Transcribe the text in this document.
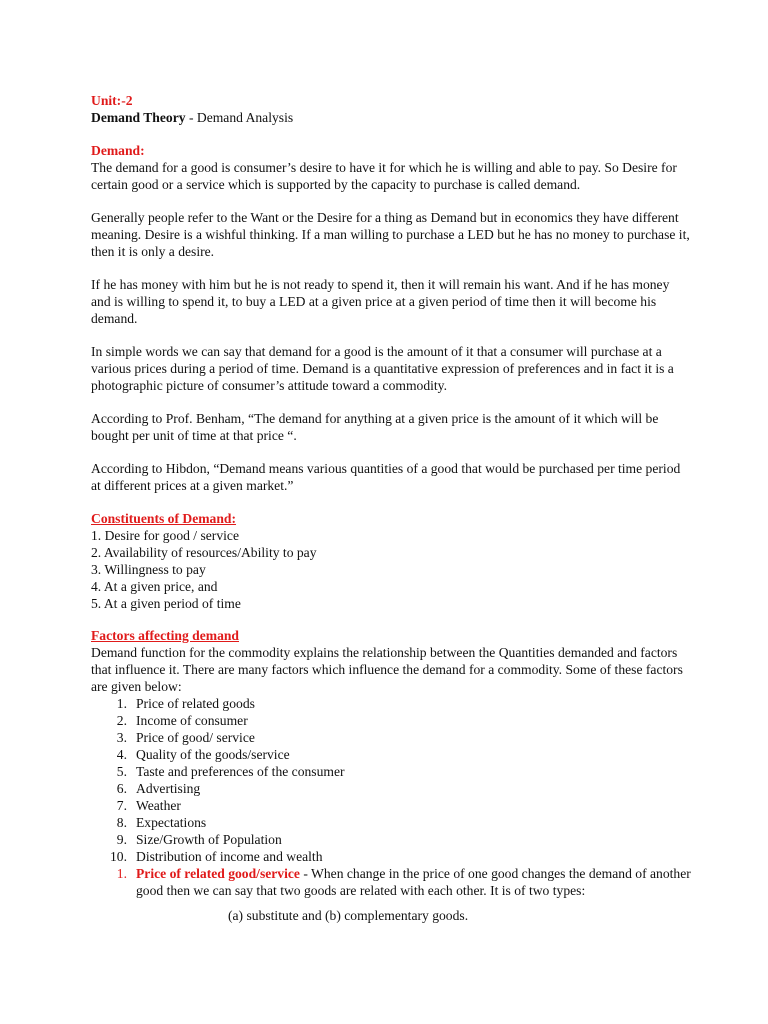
Unit:-2

Demand Theory - Demand Analysis

Demand:

The demand for a good is consumer’s desire to have it for which he is willing and able to pay. So Desire for certain good or a service which is supported by the capacity to purchase is called demand.

Generally people refer to the Want or the Desire for a thing as Demand but in economics they have different meaning. Desire is a wishful thinking. If a man willing to purchase a LED but he has no money to purchase it, then it is only a desire.

If he has money with him but he is not ready to spend it, then it will remain his want. And if he has money and is willing to spend it, to buy a LED at a given price at a given period of time then it will become his demand.

In simple words we can say that demand for a good is the amount of it that a consumer will purchase at a various prices during a period of time. Demand is a quantitative expression of preferences and in fact it is a photographic picture of consumer’s attitude toward a commodity.

According to Prof. Benham, “The demand for anything at a given price is the amount of it which will be bought per unit of time at that price “.

According to Hibdon, “Demand means various quantities of a good that would be purchased per time period at different prices at a given market.”

Constituents of Demand:
1. Desire for good / service
2. Availability of resources/Ability to pay
3. Willingness to pay
4. At a given price, and
5. At a given period of time
Factors affecting demand
Demand function for the commodity explains the relationship between the Quantities demanded and factors that influence it. There are many factors which influence the demand for a commodity. Some of these factors are given below:
1. Price of related goods
2. Income of consumer
3. Price of good/ service
4. Quality of the goods/service
5. Taste and preferences of the consumer
6. Advertising
7. Weather
8. Expectations
9. Size/Growth of Population
10. Distribution of income and wealth
1. Price of related good/service - When change in the price of one good changes the demand of another good then we can say that two goods are related with each other. It is of two types:
(a) substitute and (b) complementary goods.
